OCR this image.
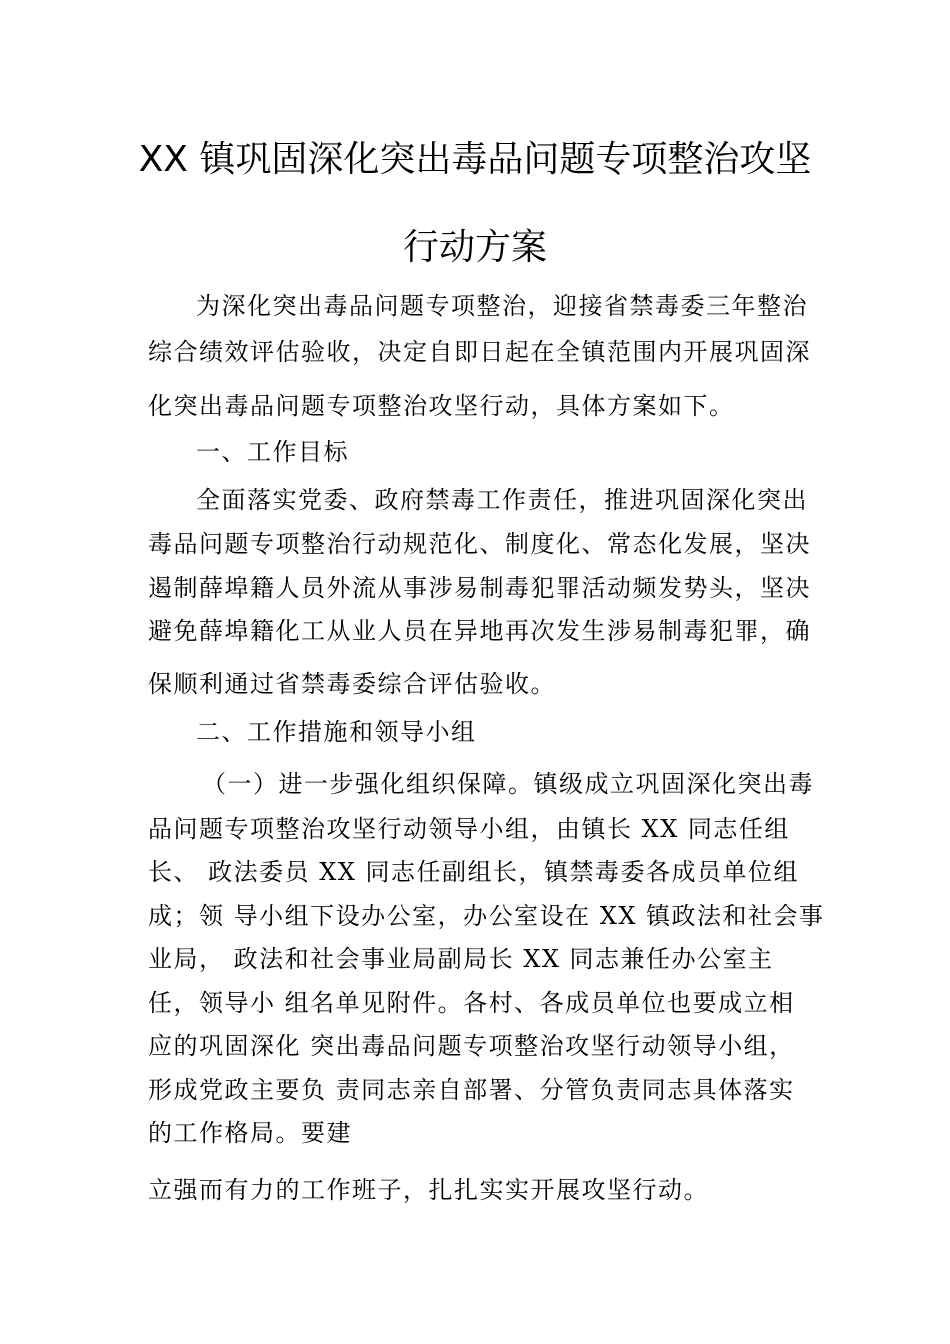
XX 镇巩固深化突出毒品问题专项整治攻坚
行动方案
为深化突出毒品问题专项整治，迎接省禁毒委三年整治
综合绩效评估验收，决定自即日起在全镇范围内开展巩固深
化突出毒品问题专项整治攻坚行动，具体方案如下。
一、工作目标
全面落实党委、政府禁毒工作责任，推进巩固深化突出
毒品问题专项整治行动规范化、制度化、常态化发展，坚决
遏制薛埠籍人员外流从事涉易制毒犯罪活动频发势头，坚决
避免薛埠籍化工从业人员在异地再次发生涉易制毒犯罪，确
保顺利通过省禁毒委综合评估验收。
二、工作措施和领导小组
（一）进一步强化组织保障。镇级成立巩固深化突出毒
品问题专项整治攻坚行动领导小组，由镇长 XX 同志任组
长、 政法委员 XX 同志任副组长，镇禁毒委各成员单位组
成；领 导小组下设办公室，办公室设在 XX 镇政法和社会事
业局， 政法和社会事业局副局长 XX 同志兼任办公室主
任，领导小 组名单见附件。各村、各成员单位也要成立相
应的巩固深化 突出毒品问题专项整治攻坚行动领导小组，
形成党政主要负 责同志亲自部署、分管负责同志具体落实
的工作格局。要建
立强而有力的工作班子，扎扎实实开展攻坚行动。
